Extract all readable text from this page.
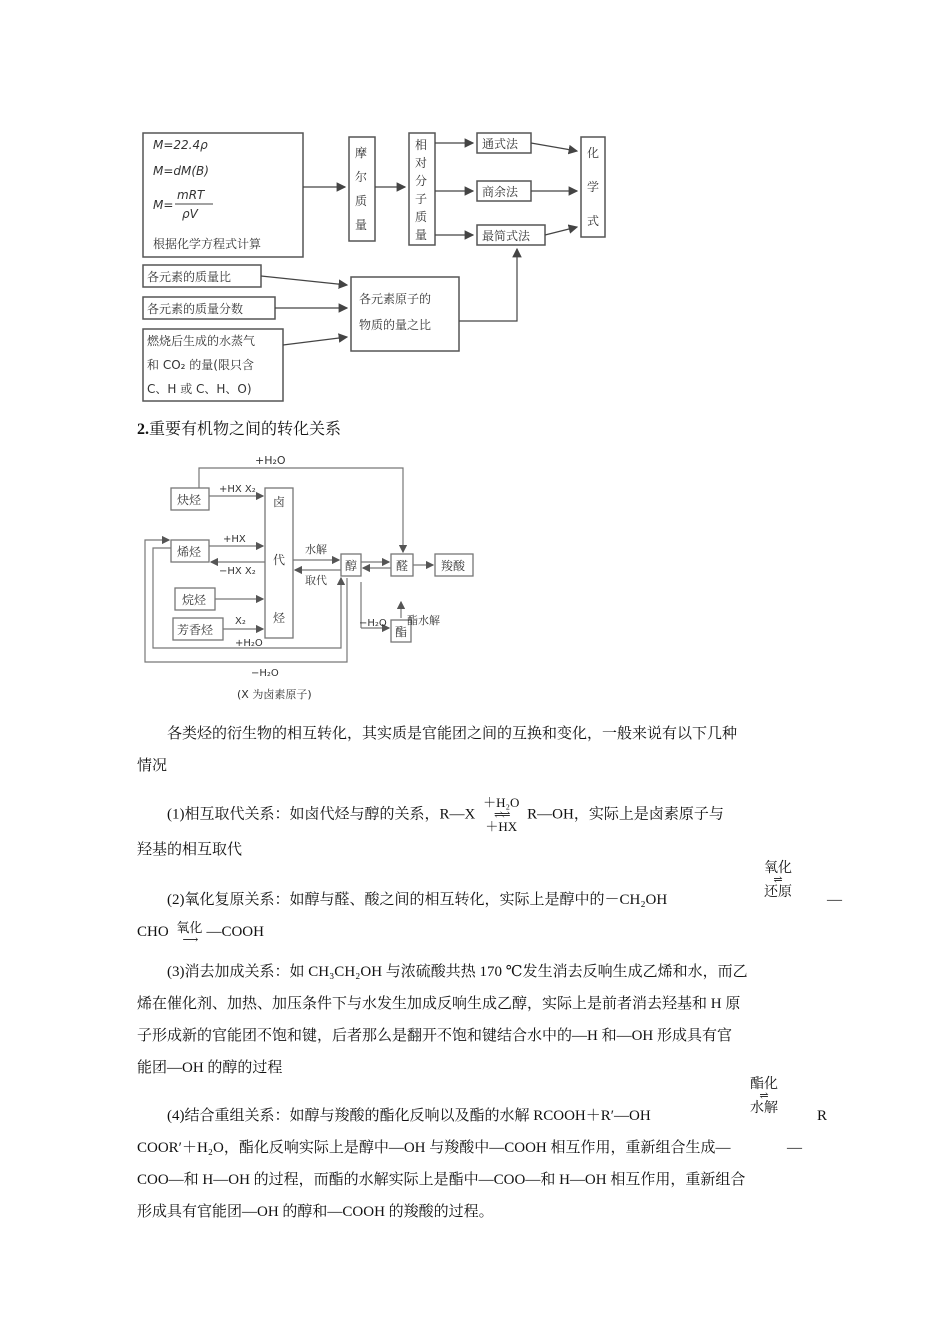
M=22.4ρ
M=dM(B)
M=
mRT
ρV
根据化学方程式计算
摩
尔
质
量
相
对
分
子
质
量
通式法
商余法
最简式法
化
学
式
各元素的质量比
各元素的质量分数
燃烧后生成的水蒸气
和 CO₂ 的量(限只含
C、H 或 C、H、O)
各元素原子的
物质的量之比
2.重要有机物之间的转化关系
炔烃
烯烃
烷烃
芳香烃
卤
代
烃
醇	醛	羧酸
酯
+H₂O
+HX X₂
+HX
−HX X₂
X₂
+H₂O
−H₂O
水解
取代
−H₂O 酯水解
(X 为卤素原子)

各类烃的衍生物的相互转化，其实质是官能团之间的互换和变化，一般来说有以下几种

情况

(1)相互取代关系：如卤代烃与醇的关系，R—X
＋H₂O
⇌⇌
＋HX
R—OH，实际上是卤素原子与

羟基的相互取代

氧化
⇌
还原

(2)氧化复原关系：如醇与醛、酸之间的相互转化，实际上是醇中的－CH₂OH	—

CHO 氧化
⟶ —COOH

(3)消去加成关系：如 CH₃CH₂OH 与浓硫酸共热 170 ℃发生消去反响生成乙烯和水，而乙

烯在催化剂、加热、加压条件下与水发生加成反响生成乙醇，实际上是前者消去羟基和 H 原

子形成新的官能团不饱和键，后者那么是翻开不饱和键结合水中的—H 和—OH 形成具有官

能团—OH 的醇的过程

酯化
⇌
水解

(4)结合重组关系：如醇与羧酸的酯化反响以及酯的水解 RCOOH＋R′—OH	R—

COOR′＋H₂O，酯化反响实际上是醇中—OH 与羧酸中—COOH 相互作用，重新组合生成—

COO—和 H—OH 的过程，而酯的水解实际上是酯中—COO—和 H—OH 相互作用，重新组合

形成具有官能团—OH 的醇和—COOH 的羧酸的过程。
